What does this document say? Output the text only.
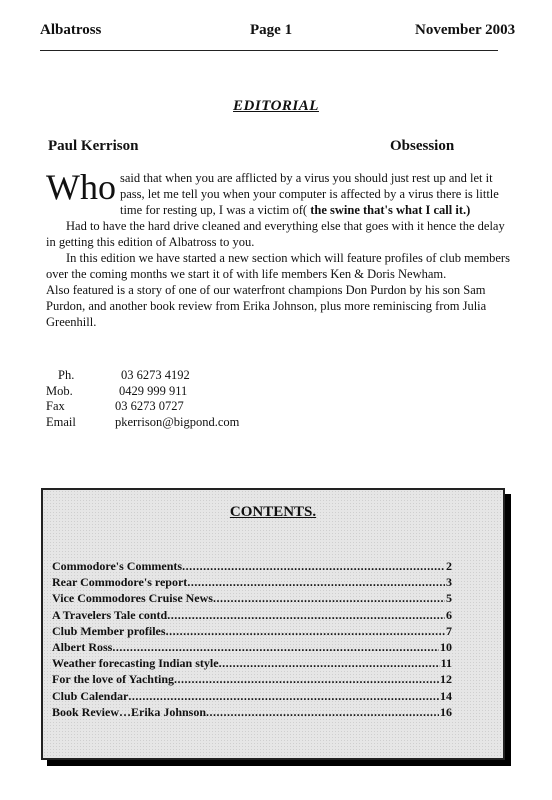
Albatross	Page 1	November 2003
EDITORIAL
Paul Kerrison	Obsession

Who said that when you are afflicted by a virus you should just rest up and let it pass, let me tell you when your computer is affected by a virus there is little time for resting up, I was a victim of( the swine that's what I call it.)

Had to have the hard drive cleaned and everything else that goes with it hence the delay in getting this edition of Albatross to you.

In this edition we have started a new section which will feature profiles of club members over the coming months we start it of with life members Ken & Doris Newham.

Also featured is a story of one of our waterfront champions Don Purdon by his son Sam Purdon, and another book review from Erika Johnson, plus more reminiscing from Julia Greenhill.

Ph.	03 6273 4192
Mob.	0429 999 911
Fax	03 6273 0727
Email	pkerrison@bigpond.com
CONTENTS.
Commodore's Comments .....	2
Rear Commodore's report .....	3
Vice Commodores Cruise News .....	5
A Travelers Tale contd .....	6
Club Member profiles .....	7
Albert Ross .....	10
Weather forecasting Indian style .....	11
For the love of Yachting .....	12
Club Calendar .....	14
Book Review…Erika Johnson .....	16
